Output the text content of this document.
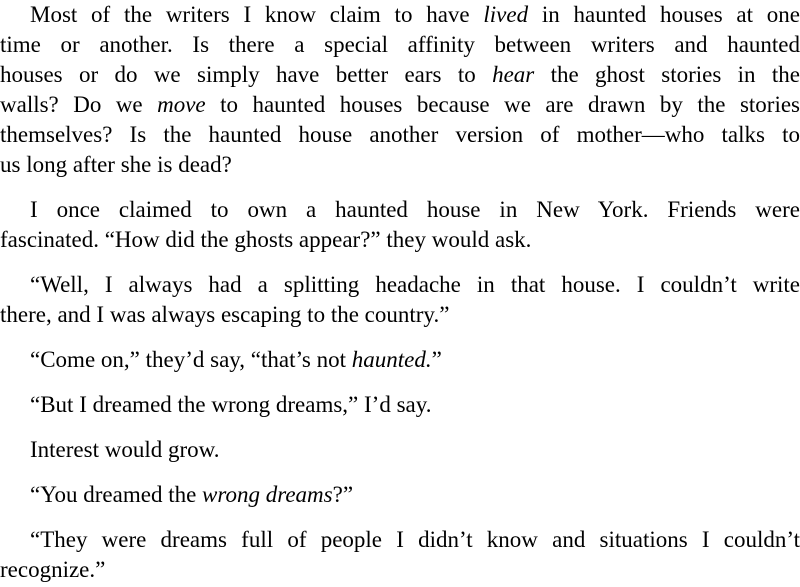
Most of the writers I know claim to have lived in haunted houses at one
time or another. Is there a special affinity between writers and haunted
houses or do we simply have better ears to hear the ghost stories in the
walls? Do we move to haunted houses because we are drawn by the stories
themselves? Is the haunted house another version of mother—who talks to
us long after she is dead?
I once claimed to own a haunted house in New York. Friends were
fascinated. “How did the ghosts appear?” they would ask.
“Well, I always had a splitting headache in that house. I couldn’t write
there, and I was always escaping to the country.”
“Come on,” they’d say, “that’s not haunted.”
“But I dreamed the wrong dreams,” I’d say.
Interest would grow.
“You dreamed the wrong dreams?”
“They were dreams full of people I didn’t know and situations I couldn’t
recognize.”
